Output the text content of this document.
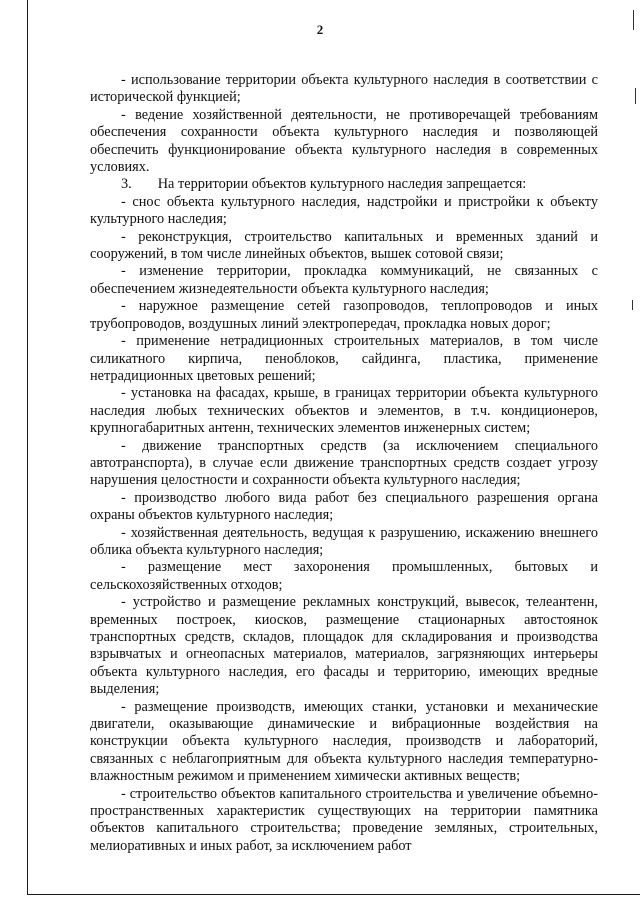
2

- использование территории объекта культурного наследия в соответствии с исторической функцией;

- ведение хозяйственной деятельности, не противоречащей требованиям обеспечения сохранности объекта культурного наследия и позволяющей обеспечить функционирование объекта культурного наследия в современных условиях.

3. На территории объектов культурного наследия запрещается:

- снос объекта культурного наследия, надстройки и пристройки к объекту культурного наследия;

- реконструкция, строительство капитальных и временных зданий и сооружений, в том числе линейных объектов, вышек сотовой связи;

- изменение территории, прокладка коммуникаций, не связанных с обеспечением жизнедеятельности объекта культурного наследия;

- наружное размещение сетей газопроводов, теплопроводов и иных трубопроводов, воздушных линий электропередач, прокладка новых дорог;

- применение нетрадиционных строительных материалов, в том числе силикатного кирпича, пеноблоков, сайдинга, пластика, применение нетрадиционных цветовых решений;

- установка на фасадах, крыше, в границах территории объекта культурного наследия любых технических объектов и элементов, в т.ч. кондиционеров, крупногабаритных антенн, технических элементов инженерных систем;

- движение транспортных средств (за исключением специального автотранспорта), в случае если движение транспортных средств создает угрозу нарушения целостности и сохранности объекта культурного наследия;

- производство любого вида работ без специального разрешения органа охраны объектов культурного наследия;

- хозяйственная деятельность, ведущая к разрушению, искажению внешнего облика объекта культурного наследия;

- размещение мест захоронения промышленных, бытовых и сельскохозяйственных отходов;

- устройство и размещение рекламных конструкций, вывесок, телеантенн, временных построек, киосков, размещение стационарных автостоянок транспортных средств, складов, площадок для складирования и производства взрывчатых и огнеопасных материалов, материалов, загрязняющих интерьеры объекта культурного наследия, его фасады и территорию, имеющих вредные выделения;

- размещение производств, имеющих станки, установки и механические двигатели, оказывающие динамические и вибрационные воздействия на конструкции объекта культурного наследия, производств и лабораторий, связанных с неблагоприятным для объекта культурного наследия температурно-влажностным режимом и применением химически активных веществ;

- строительство объектов капитального строительства и увеличение объемно-пространственных характеристик существующих на территории памятника объектов капитального строительства; проведение земляных, строительных, мелиоративных и иных работ, за исключением работ
